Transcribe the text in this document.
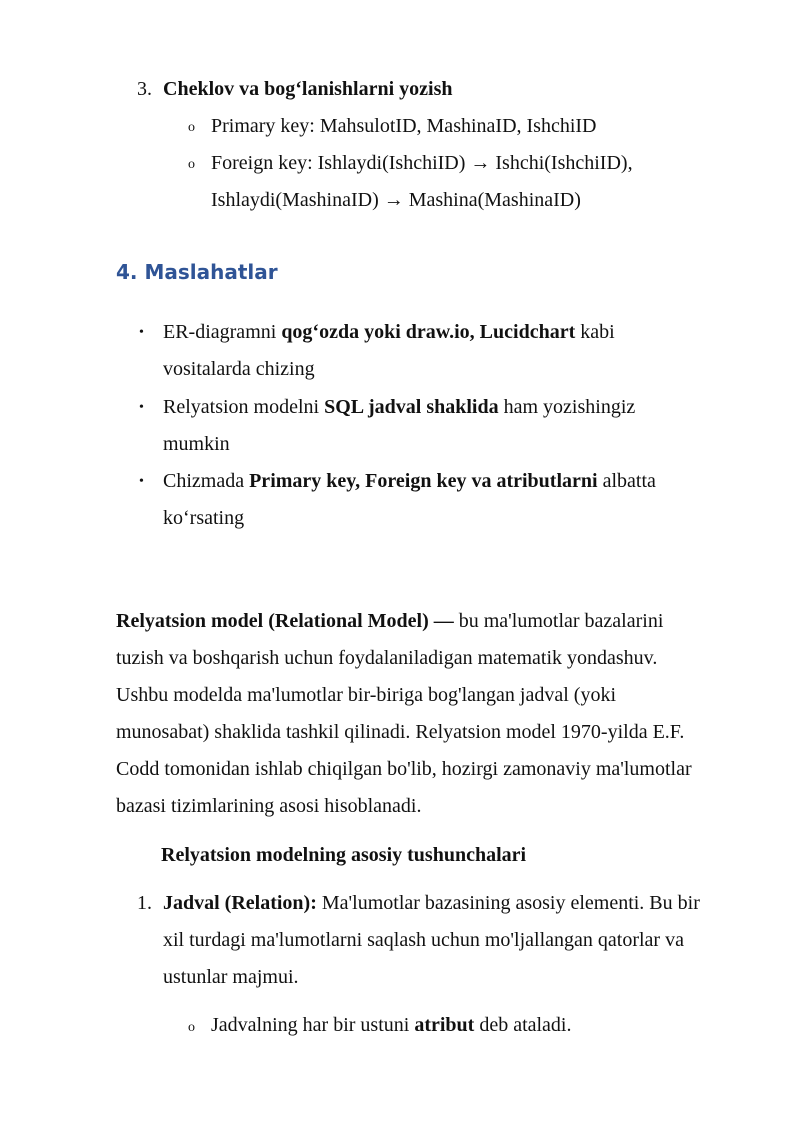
3. Cheklov va bog‘lanishlarni yozish
o Primary key: MahsulotID, MashinaID, IshchiID
o Foreign key: Ishlaydi(IshchiID) → Ishchi(IshchiID),
Ishlaydi(MashinaID) → Mashina(MashinaID)
4. Maslahatlar
• ER-diagramni qog‘ozda yoki draw.io, Lucidchart kabi
vositalarda chizing
• Relyatsion modelni SQL jadval shaklida ham yozishingiz
mumkin
• Chizmada Primary key, Foreign key va atributlarni albatta
ko‘rsating
Relyatsion model (Relational Model) — bu ma'lumotlar bazalarini
tuzish va boshqarish uchun foydalaniladigan matematik yondashuv.
Ushbu modelda ma'lumotlar bir-biriga bog'langan jadval (yoki
munosabat) shaklida tashkil qilinadi. Relyatsion model 1970-yilda E.F.
Codd tomonidan ishlab chiqilgan bo'lib, hozirgi zamonaviy ma'lumotlar
bazasi tizimlarining asosi hisoblanadi.
Relyatsion modelning asosiy tushunchalari
1. Jadval (Relation): Ma'lumotlar bazasining asosiy elementi. Bu bir
xil turdagi ma'lumotlarni saqlash uchun mo'ljallangan qatorlar va
ustunlar majmui.
o Jadvalning har bir ustuni atribut deb ataladi.
